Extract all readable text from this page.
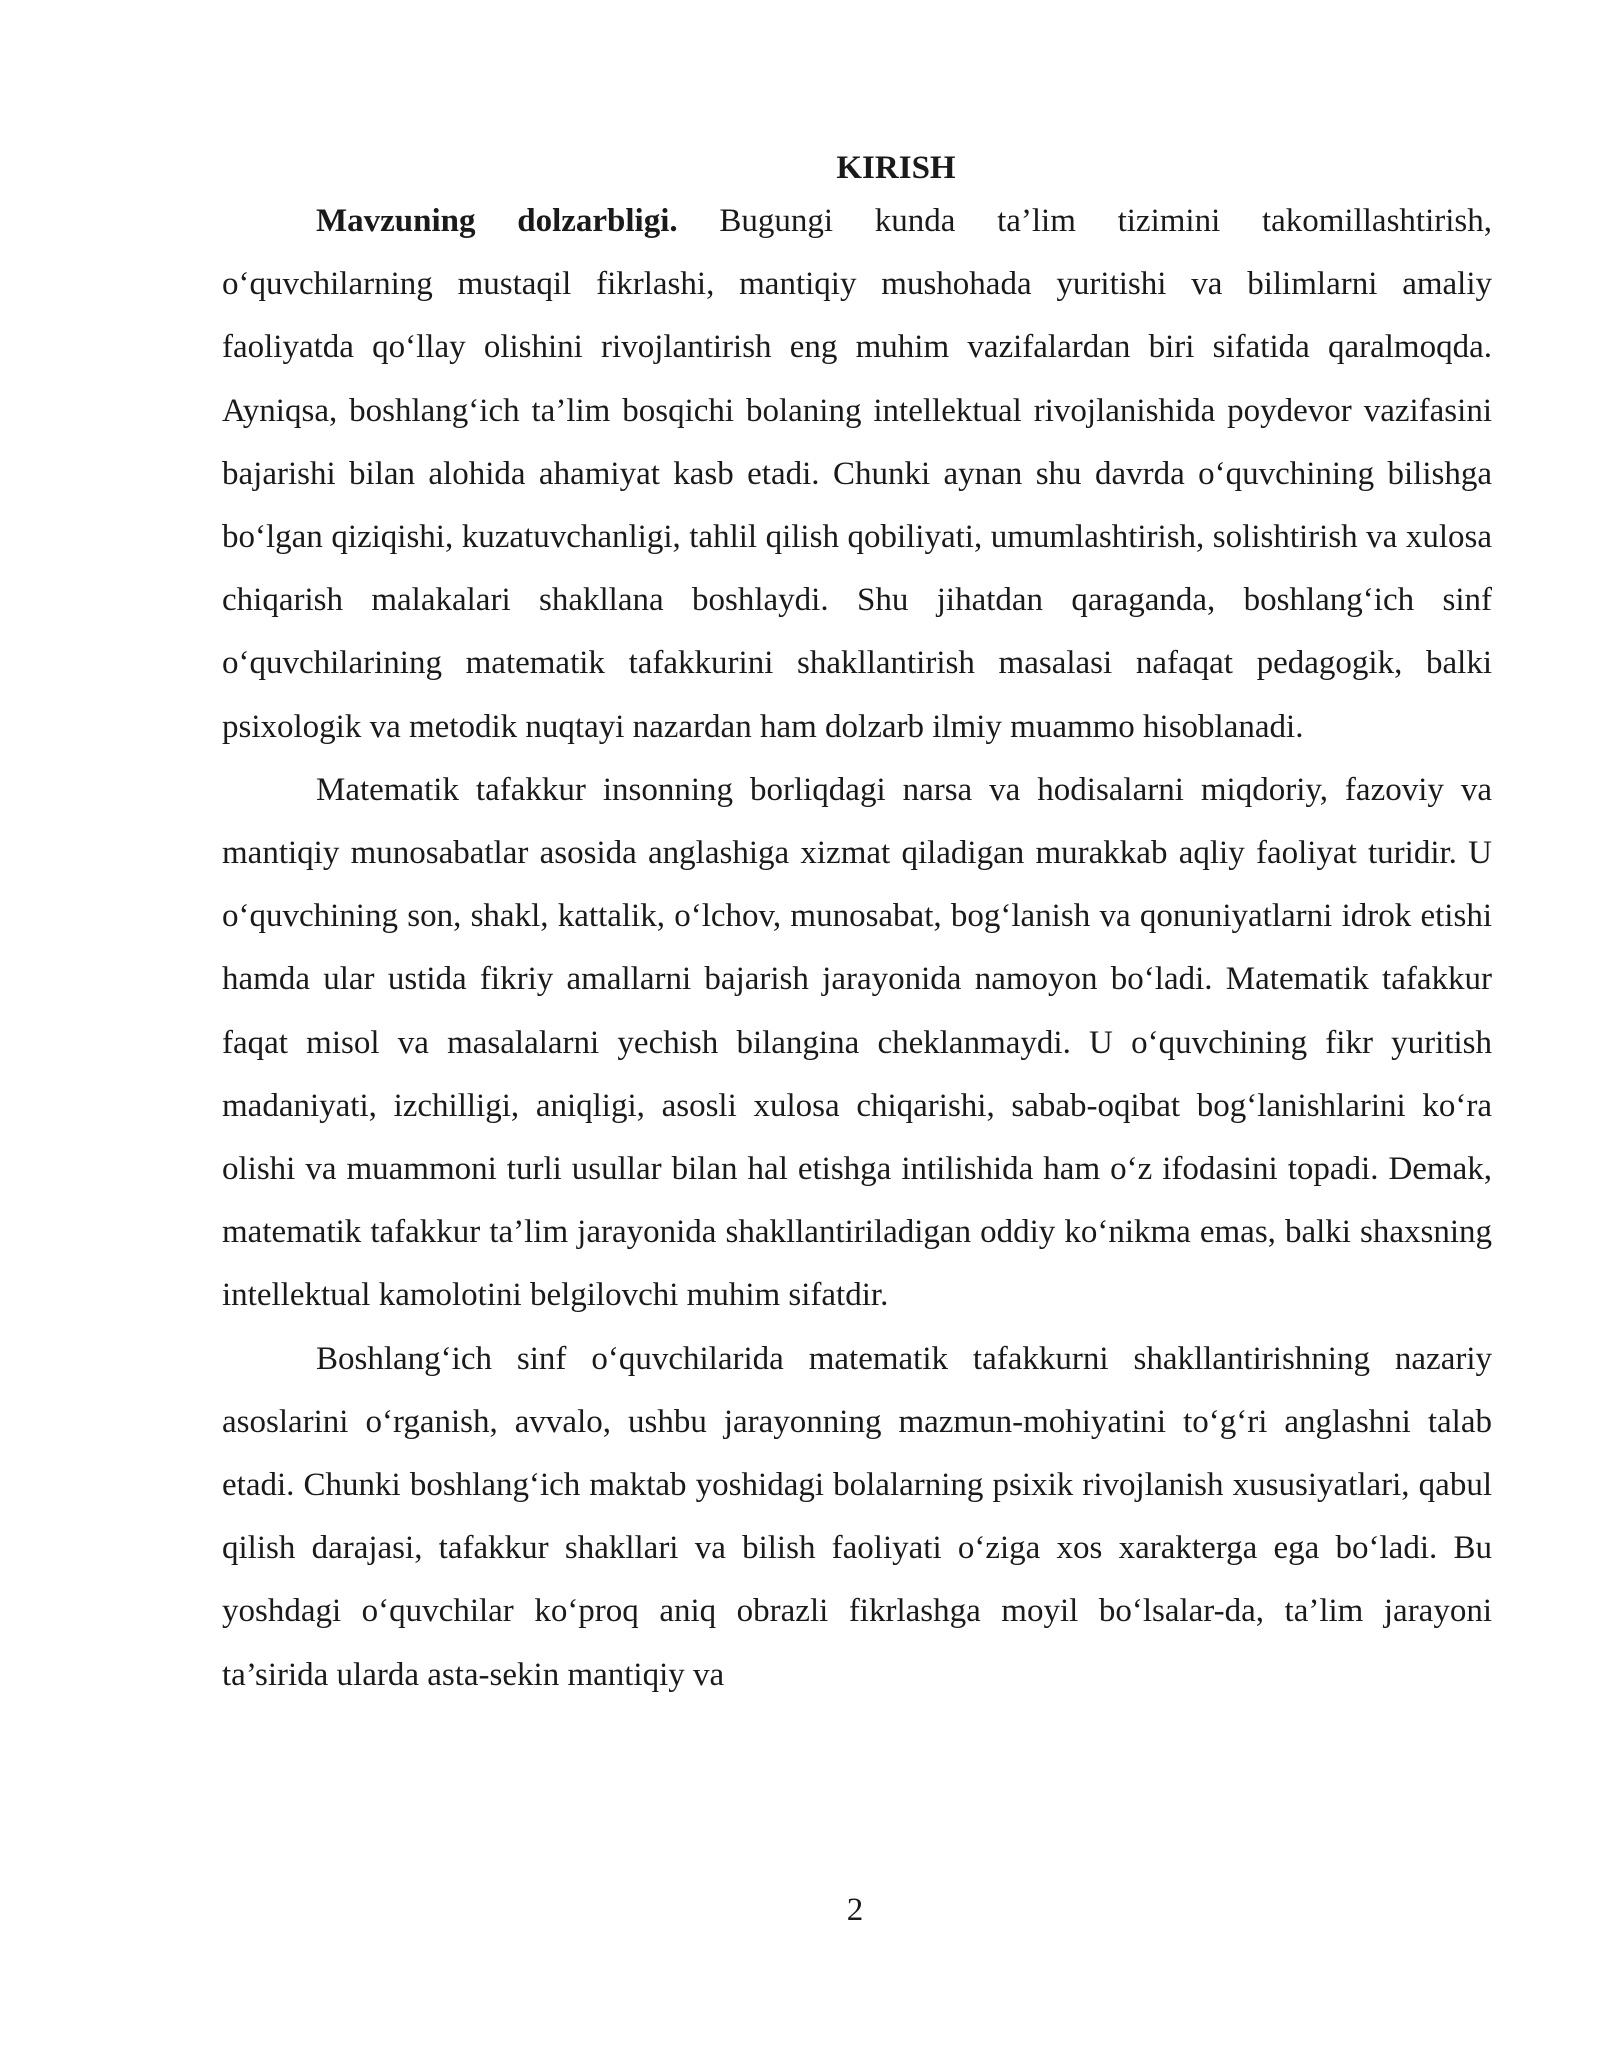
KIRISH

Mavzuning dolzarbligi. Bugungi kunda ta’lim tizimini takomillashtirish, o‘quvchilarning mustaqil fikrlashi, mantiqiy mushohada yuritishi va bilimlarni amaliy faoliyatda qo‘llay olishini rivojlantirish eng muhim vazifalardan biri sifatida qaralmoqda. Ayniqsa, boshlang‘ich ta’lim bosqichi bolaning intellektual rivojlanishida poydevor vazifasini bajarishi bilan alohida ahamiyat kasb etadi. Chunki aynan shu davrda o‘quvchining bilishga bo‘lgan qiziqishi, kuzatuvchanligi, tahlil qilish qobiliyati, umumlashtirish, solishtirish va xulosa chiqarish malakalari shakllana boshlaydi. Shu jihatdan qaraganda, boshlang‘ich sinf o‘quvchilarining matematik tafakkurini shakllantirish masalasi nafaqat pedagogik, balki psixologik va metodik nuqtayi nazardan ham dolzarb ilmiy muammo hisoblanadi.

Matematik tafakkur insonning borliqdagi narsa va hodisalarni miqdoriy, fazoviy va mantiqiy munosabatlar asosida anglashiga xizmat qiladigan murakkab aqliy faoliyat turidir. U o‘quvchining son, shakl, kattalik, o‘lchov, munosabat, bog‘lanish va qonuniyatlarni idrok etishi hamda ular ustida fikriy amallarni bajarish jarayonida namoyon bo‘ladi. Matematik tafakkur faqat misol va masalalarni yechish bilangina cheklanmaydi. U o‘quvchining fikr yuritish madaniyati, izchilligi, aniqligi, asosli xulosa chiqarishi, sabab-oqibat bog‘lanishlarini ko‘ra olishi va muammoni turli usullar bilan hal etishga intilishida ham o‘z ifodasini topadi. Demak, matematik tafakkur ta’lim jarayonida shakllantiriladigan oddiy ko‘nikma emas, balki shaxsning intellektual kamolotini belgilovchi muhim sifatdir.

Boshlang‘ich sinf o‘quvchilarida matematik tafakkurni shakllantirishning nazariy asoslarini o‘rganish, avvalo, ushbu jarayonning mazmun-mohiyatini to‘g‘ri anglashni talab etadi. Chunki boshlang‘ich maktab yoshidagi bolalarning psixik rivojlanish xususiyatlari, qabul qilish darajasi, tafakkur shakllari va bilish faoliyati o‘ziga xos xarakterga ega bo‘ladi. Bu yoshdagi o‘quvchilar ko‘proq aniq obrazli fikrlashga moyil bo‘lsalar-da, ta’lim jarayoni ta’sirida ularda asta-sekin mantiqiy va

2
